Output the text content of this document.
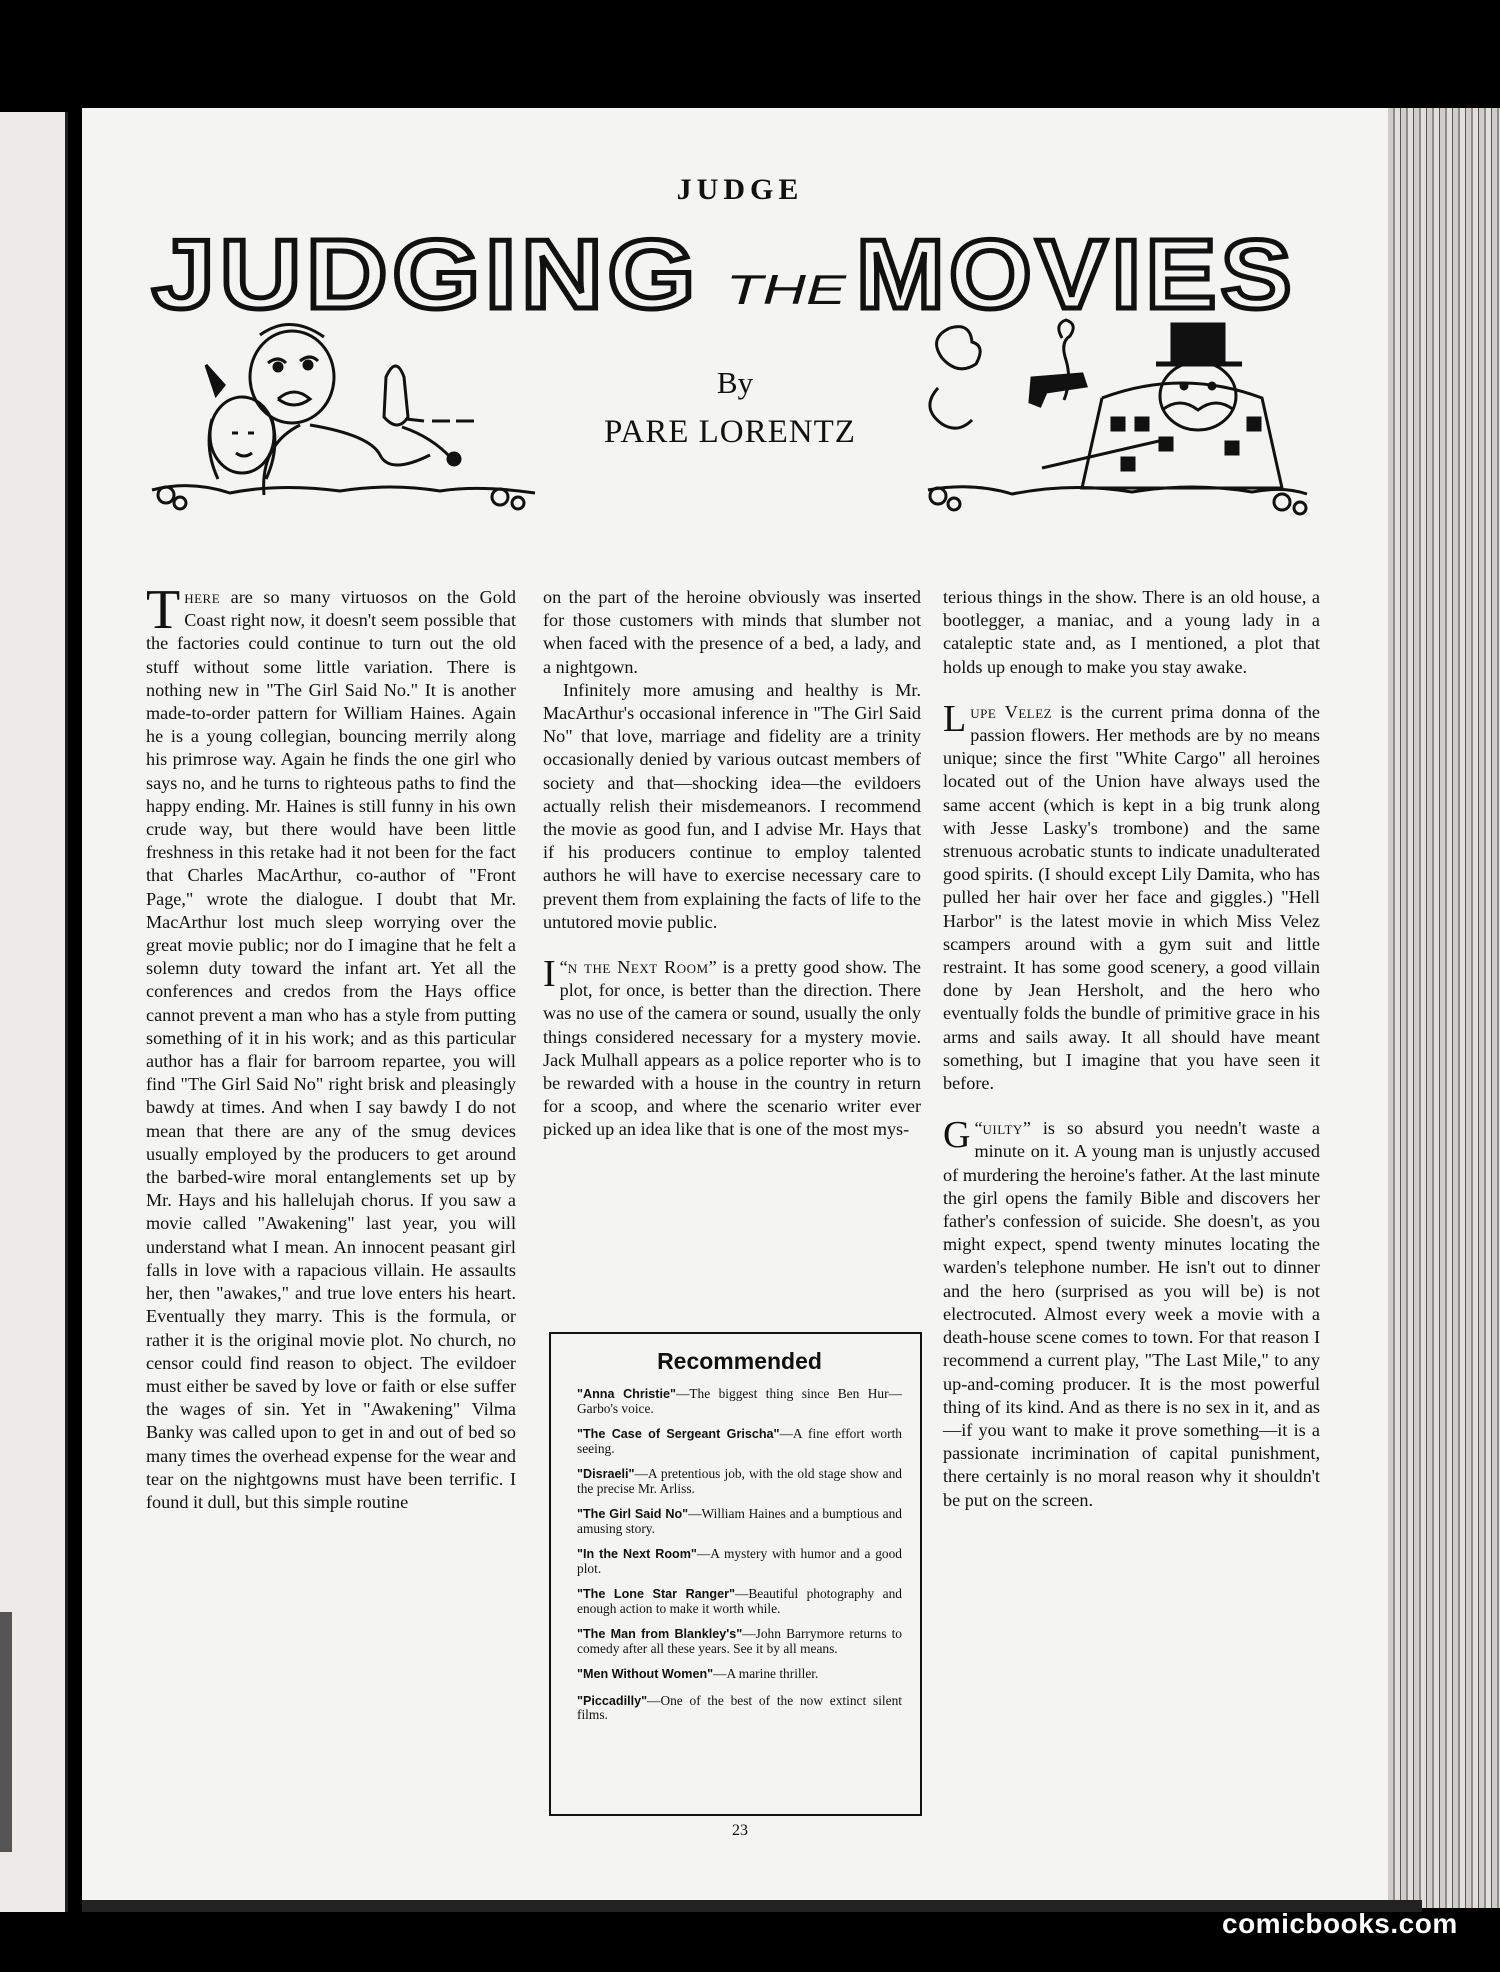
JUDGE
JUDGING THE MOVIES
By
PARE LORENTZ

There are so many virtuosos on the Gold Coast right now, it doesn't seem possible that the factories could continue to turn out the old stuff without some little variation. There is nothing new in "The Girl Said No." It is another made-to-order pattern for William Haines. Again he is a young collegian, bouncing merrily along his primrose way. Again he finds the one girl who says no, and he turns to righteous paths to find the happy ending. Mr. Haines is still funny in his own crude way, but there would have been little freshness in this retake had it not been for the fact that Charles MacArthur, co-author of "Front Page," wrote the dialogue. I doubt that Mr. MacArthur lost much sleep worrying over the great movie public; nor do I imagine that he felt a solemn duty toward the infant art. Yet all the conferences and credos from the Hays office cannot prevent a man who has a style from putting something of it in his work; and as this particular author has a flair for barroom repartee, you will find "The Girl Said No" right brisk and pleasingly bawdy at times. And when I say bawdy I do not mean that there are any of the smug devices usually employed by the producers to get around the barbed-wire moral entanglements set up by Mr. Hays and his hallelujah chorus. If you saw a movie called "Awakening" last year, you will understand what I mean. An innocent peasant girl falls in love with a rapacious villain. He assaults her, then "awakes," and true love enters his heart. Eventually they marry. This is the formula, or rather it is the original movie plot. No church, no censor could find reason to object. The evildoer must either be saved by love or faith or else suffer the wages of sin. Yet in "Awakening" Vilma Banky was called upon to get in and out of bed so many times the overhead expense for the wear and tear on the nightgowns must have been terrific. I found it dull, but this simple routine

on the part of the heroine obviously was inserted for those customers with minds that slumber not when faced with the presence of a bed, a lady, and a nightgown.

Infinitely more amusing and healthy is Mr. MacArthur's occasional inference in "The Girl Said No" that love, marriage and fidelity are a trinity occasionally denied by various outcast members of society and that—shocking idea—the evildoers actually relish their misdemeanors. I recommend the movie as good fun, and I advise Mr. Hays that if his producers continue to employ talented authors he will have to exercise necessary care to prevent them from explaining the facts of life to the untutored movie public.

“
I n the Next Room” is a pretty good show. The plot, for once, is better than the direction. There was no use of the camera or sound, usually the only things considered necessary for a mystery movie. Jack Mulhall appears as a police reporter who is to be rewarded with a house in the country in return for a scoop, and where the scenario writer ever picked up an idea like that is one of the most mys-

Recommended
"Anna Christie"—The biggest thing since Ben Hur—Garbo's voice.
"The Case of Sergeant Grischa"—A fine effort worth seeing.
"Disraeli"—A pretentious job, with the old stage show and the precise Mr. Arliss.
"The Girl Said No"—William Haines and a bumptious and amusing story.
"In the Next Room"—A mystery with humor and a good plot.
"The Lone Star Ranger"—Beautiful photography and enough action to make it worth while.
"The Man from Blankley's"—John Barrymore returns to comedy after all these years. See it by all means.
"Men Without Women"—A marine thriller.
"Piccadilly"—One of the best of the now extinct silent films.

terious things in the show. There is an old house, a bootlegger, a maniac, and a young lady in a cataleptic state and, as I mentioned, a plot that holds up enough to make you stay awake.

Lupe Velez is the current prima donna of the passion flowers. Her methods are by no means unique; since the first "White Cargo" all heroines located out of the Union have always used the same accent (which is kept in a big trunk along with Jesse Lasky's trombone) and the same strenuous acrobatic stunts to indicate unadulterated good spirits. (I should except Lily Damita, who has pulled her hair over her face and giggles.) "Hell Harbor" is the latest movie in which Miss Velez scampers around with a gym suit and little restraint. It has some good scenery, a good villain done by Jean Hersholt, and the hero who eventually folds the bundle of primitive grace in his arms and sails away. It all should have meant something, but I imagine that you have seen it before.

“
G uilty” is so absurd you needn't waste a minute on it. A young man is unjustly accused of murdering the heroine's father. At the last minute the girl opens the family Bible and discovers her father's confession of suicide. She doesn't, as you might expect, spend twenty minutes locating the warden's telephone number. He isn't out to dinner and the hero (surprised as you will be) is not electrocuted. Almost every week a movie with a death-house scene comes to town. For that reason I recommend a current play, "The Last Mile," to any up-and-coming producer. It is the most powerful thing of its kind. And as there is no sex in it, and as—if you want to make it prove something—it is a passionate incrimination of capital punishment, there certainly is no moral reason why it shouldn't be put on the screen.

23
comicbooks.com
